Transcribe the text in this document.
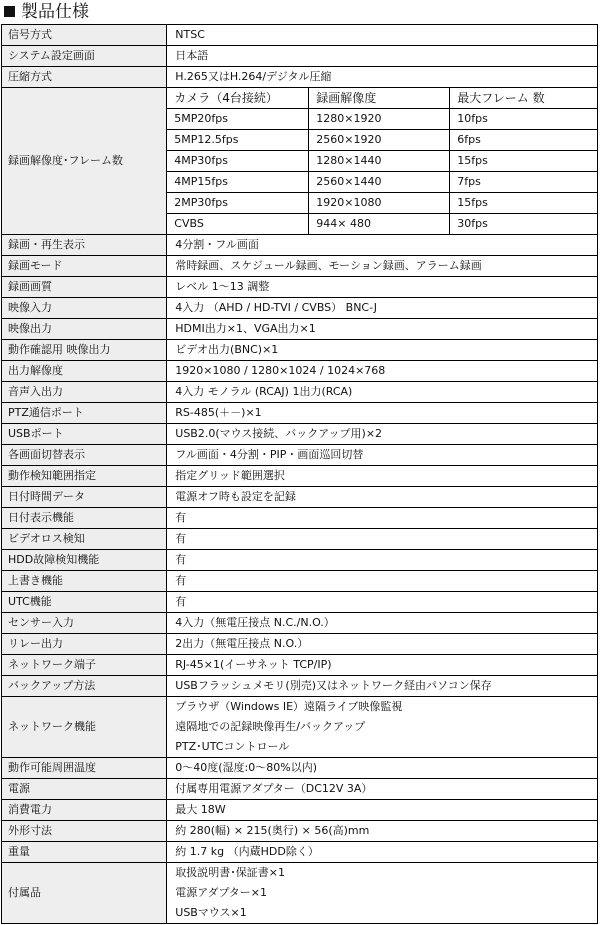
製品仕様
信号方式	NTSC
システム設定画面	日本語
圧縮方式	H.265又はH.264/デジタル圧縮
録画解像度･フレーム数	
カメラ（4台接続）	録画解像度	最大フレーム 数
5MP20fps	1280×1920	10fps
5MP12.5fps	2560×1920	6fps
4MP30fps	1280×1440	15fps
4MP15fps	2560×1440	7fps
2MP30fps	1920×1080	15fps
CVBS	944× 480	30fps

録画・再生表示	4分割・フル画面
録画モード	常時録画、スケジュール録画、モーション録画、アラーム録画
録画画質	レベル 1～13 調整
映像入力	4入力 （AHD / HD-TVI / CVBS） BNC-J
映像出力	HDMI出力×1、VGA出力×1
動作確認用 映像出力	ビデオ出力(BNC)×1
出力解像度	1920×1080 / 1280×1024 / 1024×768
音声入出力	4入力 モノラル (RCAJ) 1出力(RCA)
PTZ通信ポート	RS-485(＋－)×1
USBポート	USB2.0(マウス接続、バックアップ用)×2
各画面切替表示	フル画面・4分割・PIP・画面巡回切替
動作検知範囲指定	指定グリッド範囲選択
日付時間データ	電源オフ時も設定を記録
日付表示機能	有
ビデオロス検知	有
HDD故障検知機能	有
上書き機能	有
UTC機能	有
センサー入力	4入力（無電圧接点 N.C./N.O.）
リレー出力	2出力（無電圧接点 N.O.）
ネットワーク端子	RJ-45×1(イーサネット TCP/IP)
バックアップ方法	USBフラッシュメモリ(別売)又はネットワーク経由パソコン保存
ネットワーク機能	
ブラウザ（Windows IE）遠隔ライブ映像監視
遠隔地での記録映像再生/バックアップ
PTZ･UTCコントロール

動作可能周囲温度	0～40度(湿度:0～80%以内)
電源	付属専用電源アダプター（DC12V 3A）
消費電力	最大 18W
外形寸法	約 280(幅) × 215(奥行) × 56(高)mm
重量	約 1.7 kg （内蔵HDD除く）
付属品	
取扱説明書･保証書×1
電源アダプター×1
USBマウス×1
